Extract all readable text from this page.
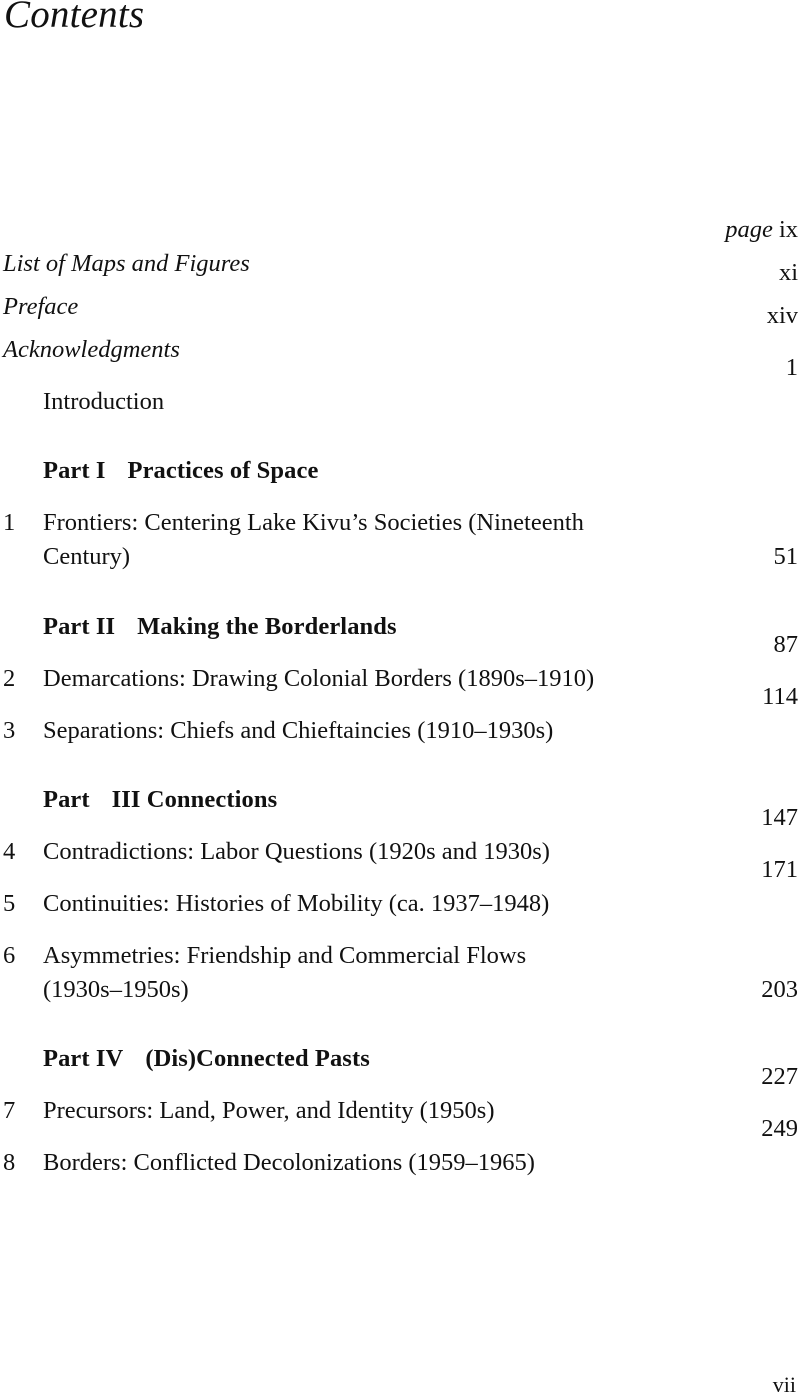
Contents
List of Maps and Figures
page ix
Preface
xi
Acknowledgments
xiv
Introduction
1
Part I Practices of Space
1 Frontiers: Centering Lake Kivu’s Societies (Nineteenth
Century)	51
Part II Making the Borderlands
2 Demarcations: Drawing Colonial Borders (1890s–1910)
87
3 Separations: Chiefs and Chieftaincies (1910–1930s)
114
Part III Connections
4 Contradictions: Labor Questions (1920s and 1930s)
147
5 Continuities: Histories of Mobility (ca. 1937–1948)
171
6 Asymmetries: Friendship and Commercial Flows
(1930s–1950s)	203
Part IV (Dis)Connected Pasts
7 Precursors: Land, Power, and Identity (1950s)
227
8 Borders: Conflicted Decolonizations (1959–1965)
249
vii
